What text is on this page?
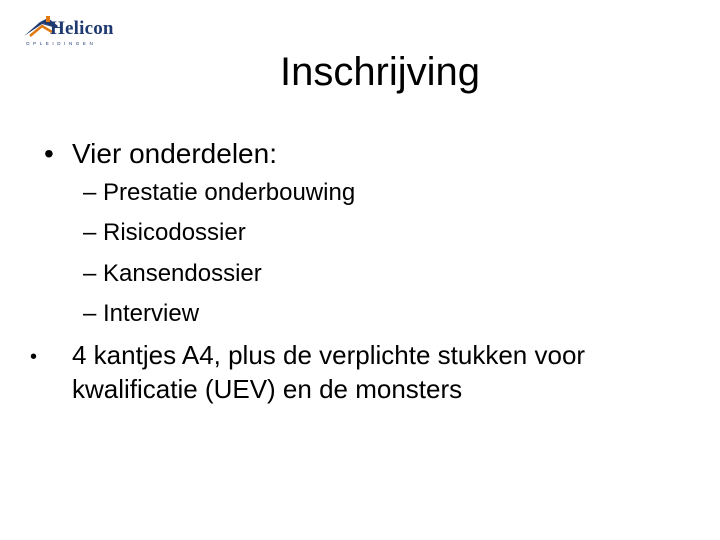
Helicon
OPLEIDINGEN
Inschrijving
• Vier onderdelen:
– Prestatie onderbouwing
– Risicodossier
– Kansendossier
– Interview
• 4 kantjes A4, plus de verplichte stukken voor
kwalificatie (UEV) en de monsters
